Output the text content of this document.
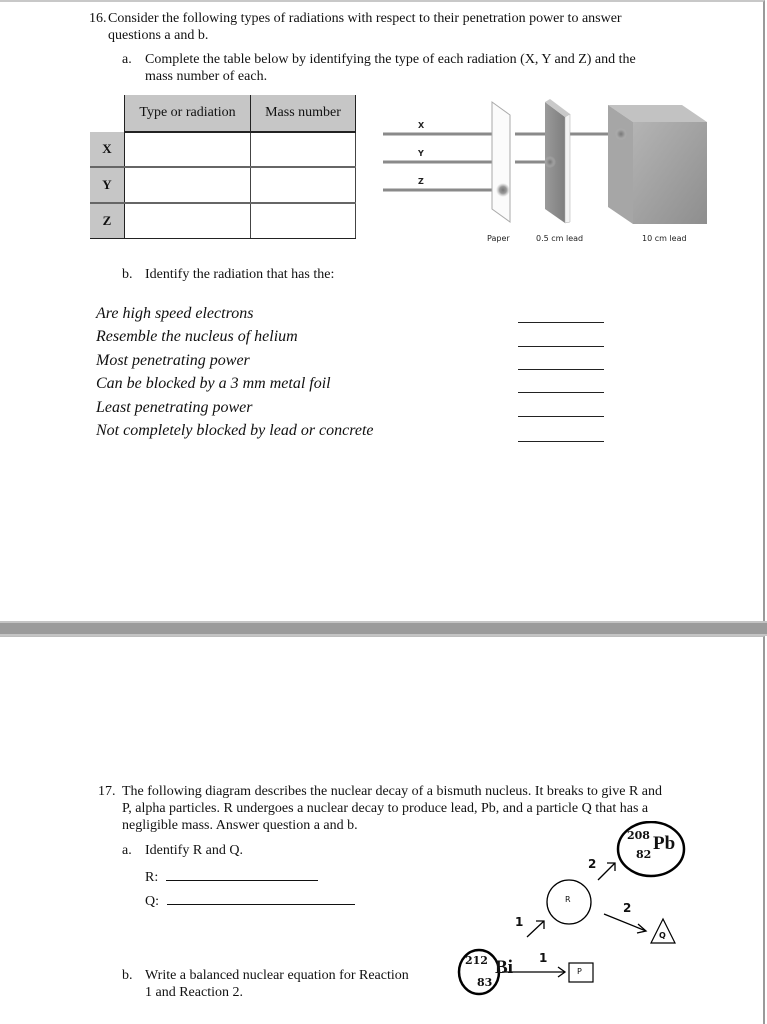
16. Consider the following types of radiations with respect to their penetration power to answer
questions a and b.
a. Complete the table below by identifying the type of each radiation (X, Y and Z) and the
mass number of each.
	Type or radiation	Mass number
X		
Y		
Z		
X
Y
Z
Paper	0.5 cm lead	10 cm lead
b. Identify the radiation that has the:
Are high speed electrons
Resemble the nucleus of helium
Most penetrating power
Can be blocked by a 3 mm metal foil
Least penetrating power
Not completely blocked by lead or concrete
17. The following diagram describes the nuclear decay of a bismuth nucleus. It breaks to give R and
P, alpha particles. R undergoes a nuclear decay to produce lead, Pb, and a particle Q that has a
negligible mass. Answer question a and b.
a. Identify R and Q.
R:
Q:
b. Write a balanced nuclear equation for Reaction
1 and Reaction 2.
212 Bi
83
208 Pb
82
R
P
Q
1
1
2
2
